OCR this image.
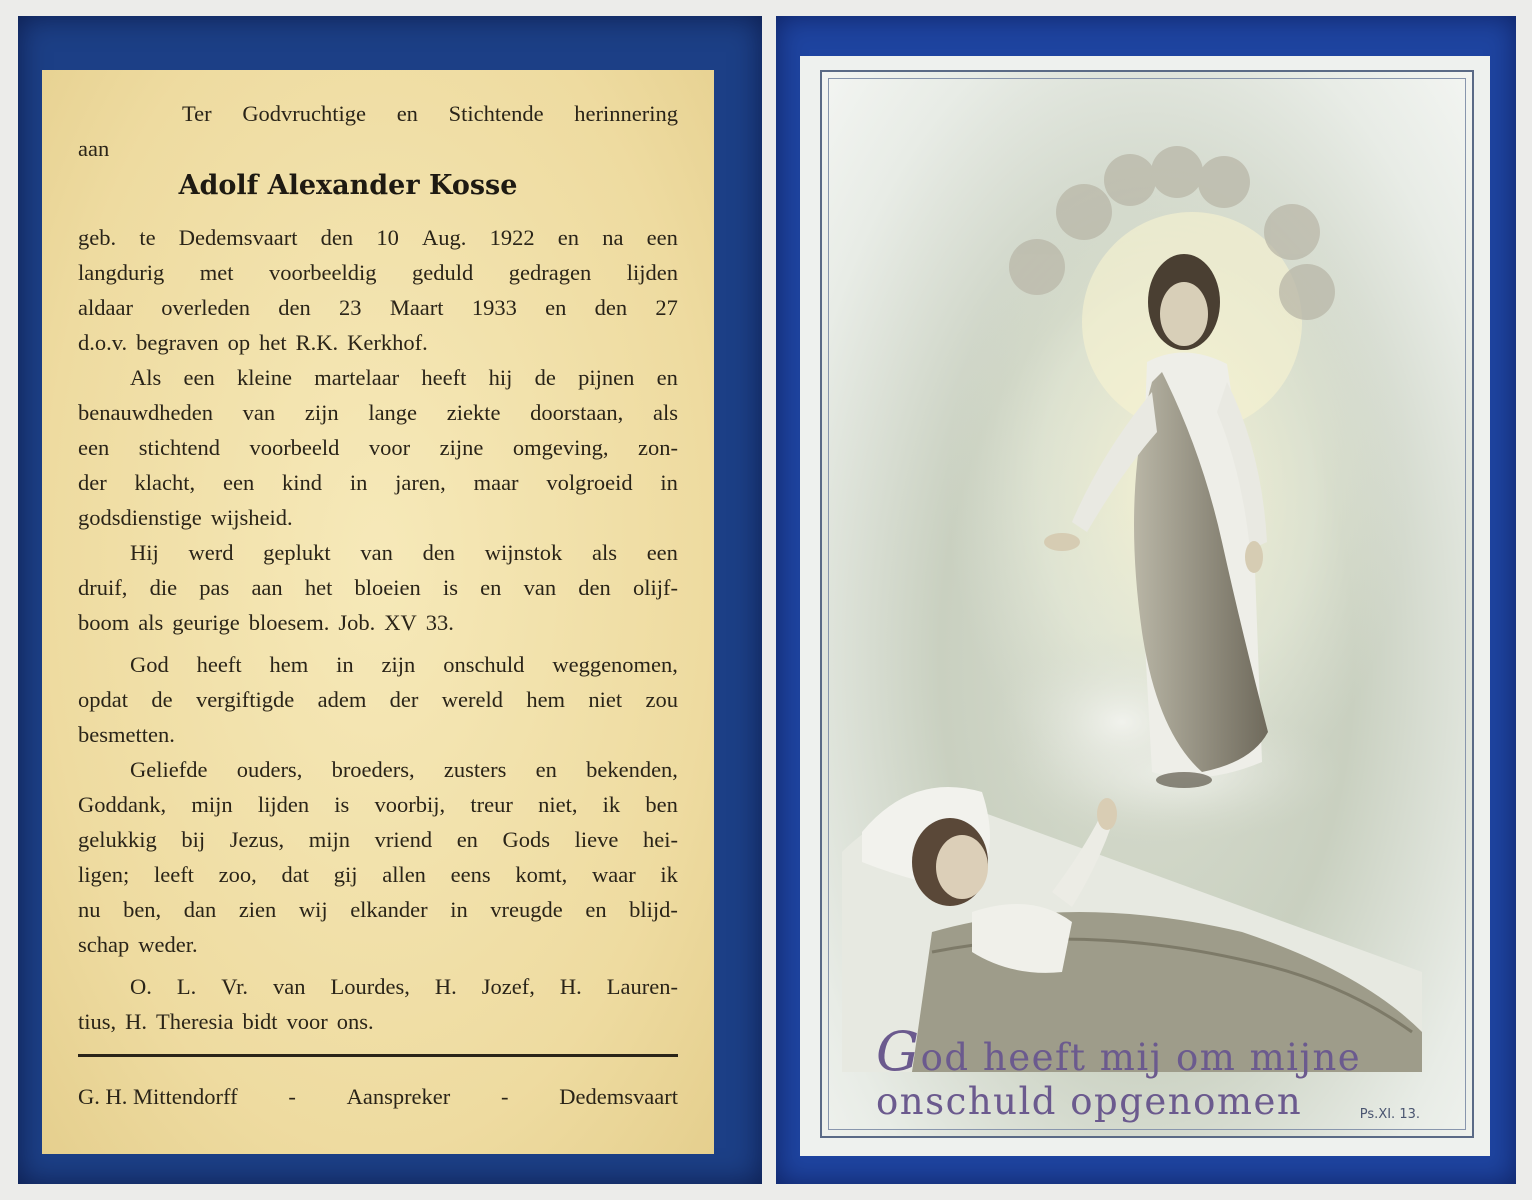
Ter Godvruchtige en Stichtende herinnering
aan
Adolf Alexander Kosse
geb. te Dedemsvaart den 10 Aug. 1922 en na een
langdurig met voorbeeldig geduld gedragen lijden
aldaar overleden den 23 Maart 1933 en den 27
d.o.v. begraven op het R.K. Kerkhof.
Als een kleine martelaar heeft hij de pijnen en
benauwdheden van zijn lange ziekte doorstaan, als
een stichtend voorbeeld voor zijne omgeving, zon-
der klacht, een kind in jaren, maar volgroeid in
godsdienstige wijsheid.
Hij werd geplukt van den wijnstok als een
druif, die pas aan het bloeien is en van den olijf-
boom als geurige bloesem. Job. XV 33.
God heeft hem in zijn onschuld weggenomen,
opdat de vergiftigde adem der wereld hem niet zou
besmetten.
Geliefde ouders, broeders, zusters en bekenden,
Goddank, mijn lijden is voorbij, treur niet, ik ben
gelukkig bij Jezus, mijn vriend en Gods lieve hei-
ligen; leeft zoo, dat gij allen eens komt, waar ik
nu ben, dan zien wij elkander in vreugde en blijd-
schap weder.
O. L. Vr. van Lourdes, H. Jozef, H. Lauren-
tius, H. Theresia bidt voor ons.
G. H. Mittendorff - Aanspreker - Dedemsvaart
God heeft mij om mijne
onschuld opgenomen	Ps.XI. 13.
